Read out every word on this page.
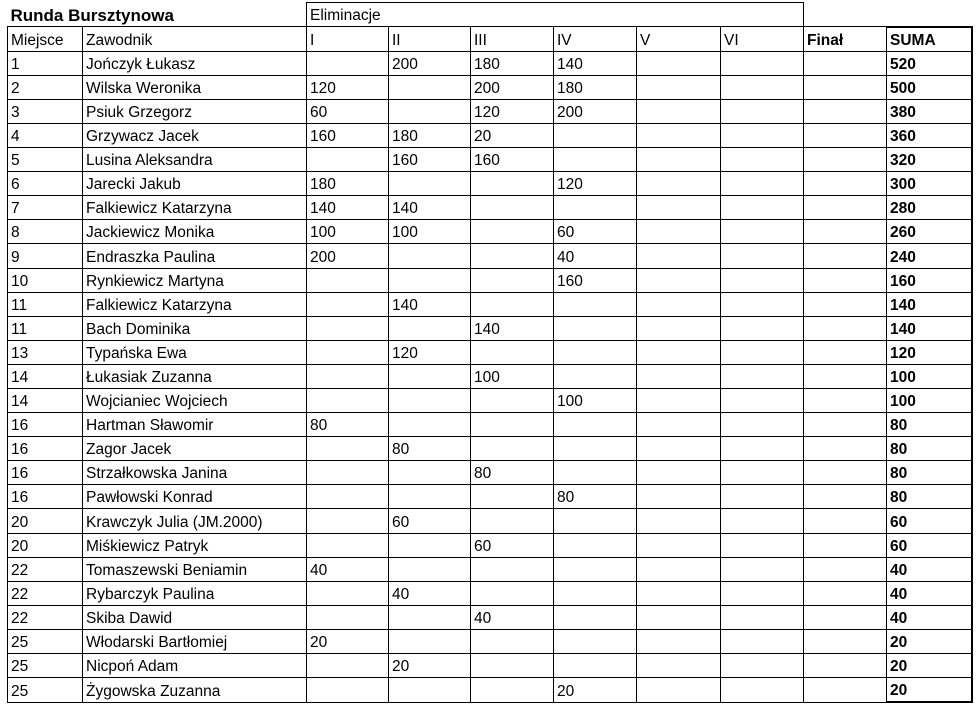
Runda Bursztynowa		Eliminacje							
Miejsce	Zawodnik	I	II	III	IV	V	VI	Finał	SUMA
1	Jończyk Łukasz		200	180	140				520
2	Wilska Weronika	120		200	180				500
3	Psiuk Grzegorz	60		120	200				380
4	Grzywacz Jacek	160	180	20					360
5	Lusina Aleksandra		160	160					320
6	Jarecki Jakub	180			120				300
7	Falkiewicz Katarzyna	140	140						280
8	Jackiewicz Monika	100	100		60				260
9	Endraszka Paulina	200			40				240
10	Rynkiewicz Martyna				160				160
11	Falkiewicz Katarzyna		140						140
11	Bach Dominika			140					140
13	Typańska Ewa		120						120
14	Łukasiak Zuzanna			100					100
14	Wojcianiec Wojciech				100				100
16	Hartman Sławomir	80							80
16	Zagor Jacek		80						80
16	Strzałkowska Janina			80					80
16	Pawłowski Konrad				80				80
20	Krawczyk Julia (JM.2000)		60						60
20	Miśkiewicz Patryk			60					60
22	Tomaszewski Beniamin	40							40
22	Rybarczyk Paulina		40						40
22	Skiba Dawid			40					40
25	Włodarski Bartłomiej	20							20
25	Nicpoń Adam		20						20
25	Żygowska Zuzanna				20				20
